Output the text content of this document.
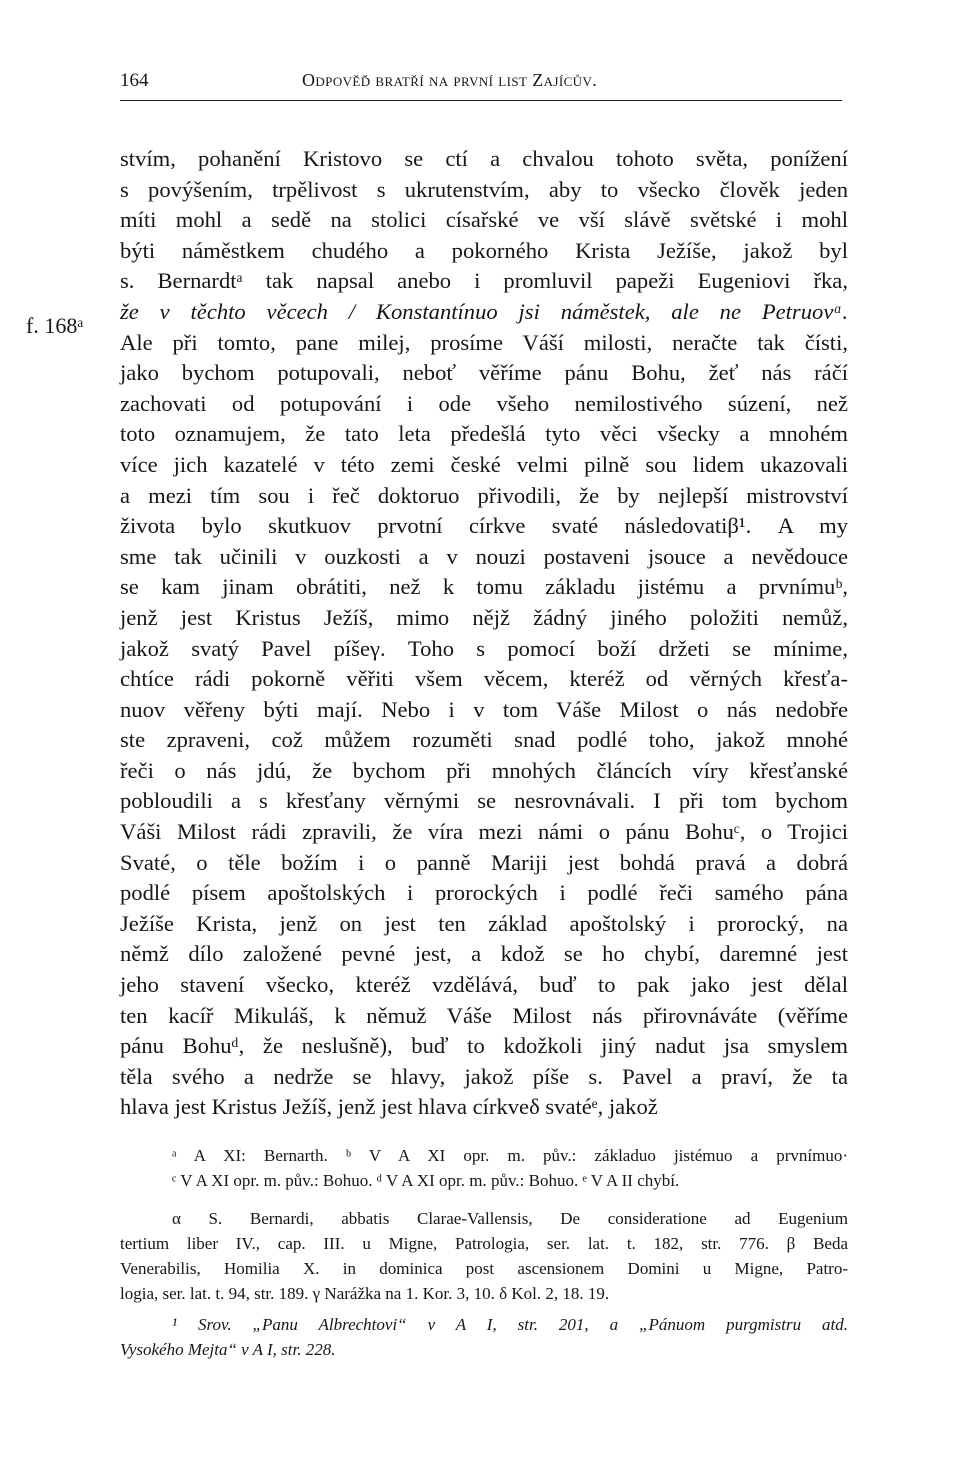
164	Odpověď bratří na první list Zajícův.
f. 168ᵃ
stvím, pohanění Kristovo se ctí a chvalou tohoto světa, ponížení
s povýšením, trpělivost s ukrutenstvím, aby to všecko člověk jeden
míti mohl a sedě na stolici císařské ve vší slávě světské i mohl
býti náměstkem chudého a pokorného Krista Ježíše, jakož byl
s. Bernardtᵃ tak napsal anebo i promluvil papeži Eugeniovi řka,
že v těchto věcech / Konstantínuo jsi náměstek, ale ne Petruovᵅ.
Ale při tomto, pane milej, prosíme Váší milosti, neračte tak čísti,
jako bychom potupovali, neboť věříme pánu Bohu, žeť nás ráčí
zachovati od potupování i ode všeho nemilostivého súzení, než
toto oznamujem, že tato leta předešlá tyto věci všecky a mnohém
více jich kazatelé v této zemi české velmi pilně sou lidem ukazovali
a mezi tím sou i řeč doktoruo přivodili, že by nejlepší mistrovství
života bylo skutkuov prvotní církve svaté následovatiβ¹. A my
sme tak učinili v ouzkosti a v nouzi postaveni jsouce a nevědouce
se kam jinam obrátiti, než k tomu základu jistému a prvnímuᵇ,
jenž jest Kristus Ježíš, mimo nějž žádný jiného položiti nemůž,
jakož svatý Pavel píšeγ. Toho s pomocí boží držeti se mínime,
chtíce rádi pokorně věřiti všem věcem, kteréž od věrných křesťa-
nuov věřeny býti mají. Nebo i v tom Váše Milost o nás nedobře
ste zpraveni, což můžem rozuměti snad podlé toho, jakož mnohé
řeči o nás jdú, že bychom při mnohých článcích víry křesťanské
pobloudili a s křesťany věrnými se nesrovnávali. I při tom bychom
Váši Milost rádi zpravili, že víra mezi námi o pánu Bohuᶜ, o Trojici
Svaté, o těle božím i o panně Mariji jest bohdá pravá a dobrá
podlé písem apoštolských i prorockých i podlé řeči samého pána
Ježíše Krista, jenž on jest ten základ apoštolský i prorocký, na
němž dílo založené pevné jest, a kdož se ho chybí, daremné jest
jeho stavení všecko, kteréž vzdělává, buď to pak jako jest dělal
ten kacíř Mikuláš, k němuž Váše Milost nás přirovnáváte (věříme
pánu Bohuᵈ, že neslušně), buď to kdožkoli jiný nadut jsa smyslem
těla svého a nedrže se hlavy, jakož píše s. Pavel a praví, že ta
hlava jest Kristus Ježíš, jenž jest hlava církveδ svatéᵉ, jakož
ᵃ A XI: Bernarth. ᵇ V A XI opr. m. pův.: základuo jistémuo a prvnímuo·
ᶜ V A XI opr. m. pův.: Bohuo. ᵈ V A XI opr. m. pův.: Bohuo. ᵉ V A II chybí.
α S. Bernardi, abbatis Clarae-Vallensis, De consideratione ad Eugenium
tertium liber IV., cap. III. u Migne, Patrologia, ser. lat. t. 182, str. 776. β Beda
Venerabilis, Homilia X. in dominica post ascensionem Domini u Migne, Patro-
logia, ser. lat. t. 94, str. 189. γ Narážka na 1. Kor. 3, 10. δ Kol. 2, 18. 19.
¹ Srov. „Panu Albrechtovi“ v A I, str. 201, a „Pánuom purgmistru atd.
Vysokého Mejta“ v A I, str. 228.
